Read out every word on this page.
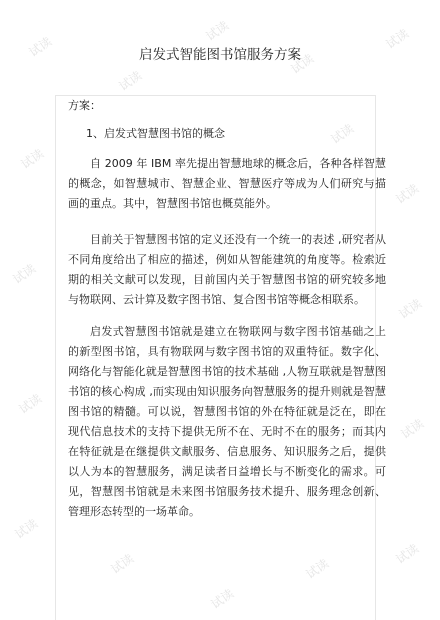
试读
试读
试读
试读
试读
试读
试读
试读
试读
试读
试读
试读
试读
试读
试读
试读
试读
启发式智能图书馆服务方案

方案：

1、启发式智慧图书馆的概念

自 2009 年 IBM 率先提出智慧地球的概念后，各种各样智慧的概念，如智慧城市、智慧企业、智慧医疗等成为人们研究与描画的重点。其中，智慧图书馆也概莫能外。

目前关于智慧图书馆的定义还没有一个统一的表述 ,研究者从不同角度给出了相应的描述，例如从智能建筑的角度等。检索近期的相关文献可以发现，目前国内关于智慧图书馆的研究较多地与物联网、云计算及数字图书馆、复合图书馆等概念相联系。

启发式智慧图书馆就是建立在物联网与数字图书馆基础之上的新型图书馆，具有物联网与数字图书馆的双重特征。数字化、网络化与智能化就是智慧图书馆的技术基础 ,人物互联就是智慧图书馆的核心构成 ,而实现由知识服务向智慧服务的提升则就是智慧图书馆的精髓。可以说，智慧图书馆的外在特征就是泛在，即在现代信息技术的支持下提供无所不在、无时不在的服务；而其内在特征就是在继提供文献服务、信息服务、知识服务之后，提供以人为本的智慧服务，满足读者日益增长与不断变化的需求。可见，智慧图书馆就是未来图书馆服务技术提升、服务理念创新、管理形态转型的一场革命。
